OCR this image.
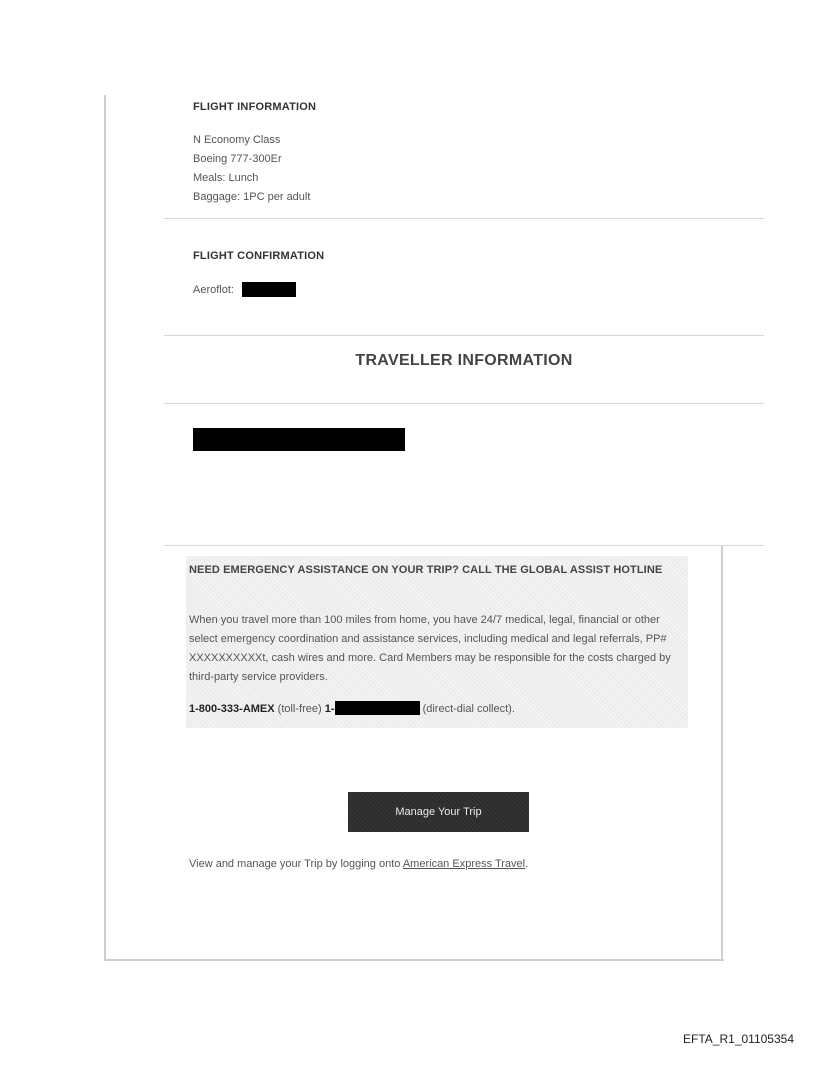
FLIGHT INFORMATION
N Economy Class
Boeing 777-300Er
Meals: Lunch
Baggage: 1PC per adult
FLIGHT CONFIRMATION
Aeroflot:
TRAVELLER INFORMATION
NEED EMERGENCY ASSISTANCE ON YOUR TRIP? CALL THE GLOBAL ASSIST HOTLINE
When you travel more than 100 miles from home, you have 24/7 medical, legal, financial or other select emergency coordination and assistance services, including medical and legal referrals, PP# XXXXXXXXXXt, cash wires and more. Card Members may be responsible for the costs charged by third-party service providers.
1-800-333-AMEX (toll-free) 1-	(direct-dial collect).
Manage Your Trip
View and manage your Trip by logging onto American Express Travel.
EFTA_R1_01105354
